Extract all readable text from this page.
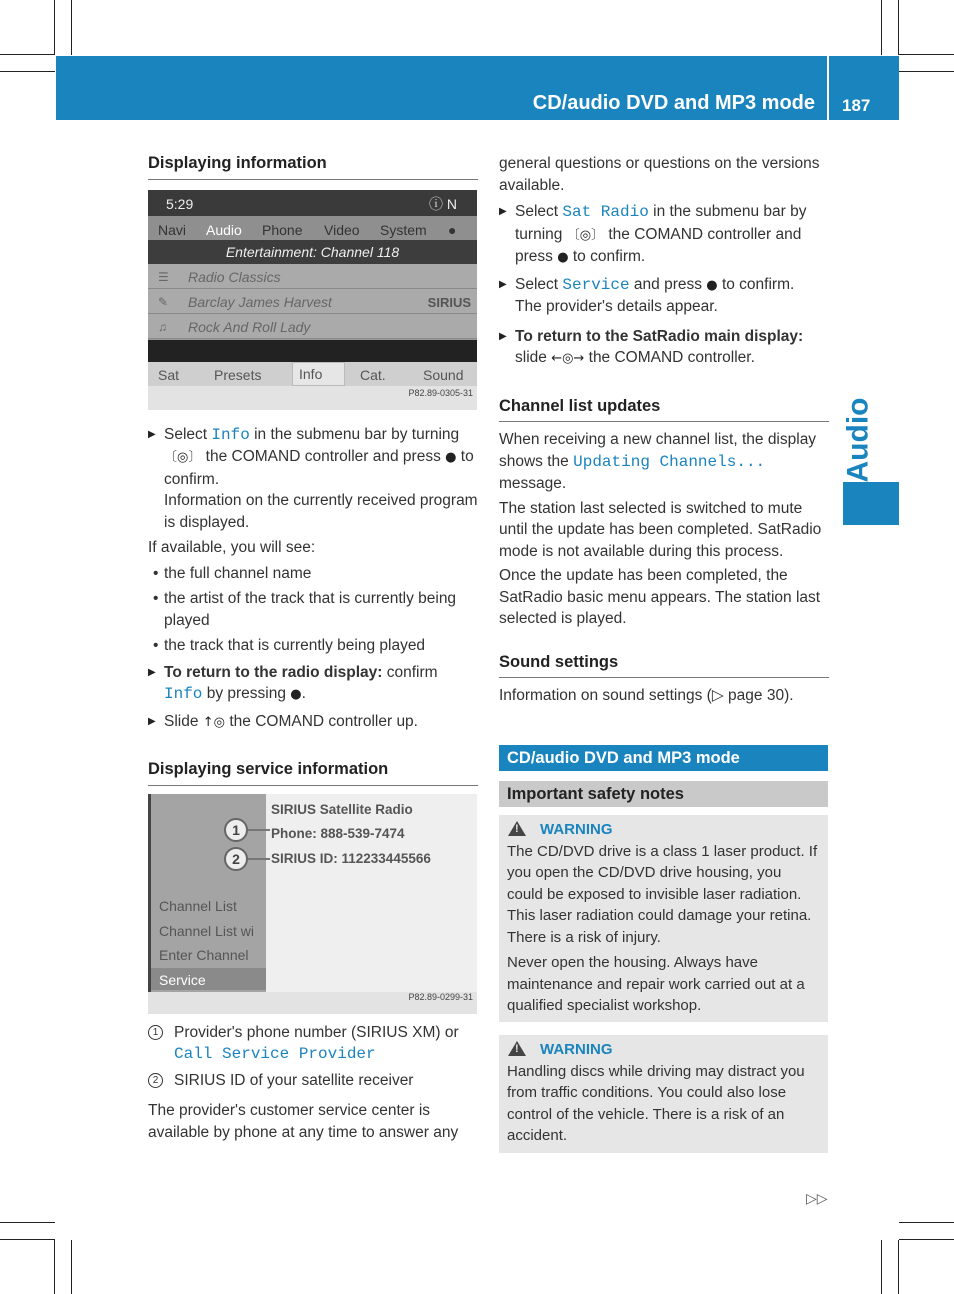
CD/audio DVD and MP3 mode 187
Audio
Displaying information
5:29	ⓘ N
Navi Audio Phone Video System ●
Entertainment: Channel 118
☰ Radio Classics
✎ Barclay James Harvest	SIRIUS
♫ Rock And Roll Lady
Sat Presets	Info	Cat.	Sound
P82.89-0305-31
▶ Select Info in the submenu bar by turning 〔◎〕 the COMAND controller and press ● to confirm.

Information on the currently received program is displayed.

If available, you will see:

• the full channel name
• the artist of the track that is currently being played
• the track that is currently being played
▶ To return to the radio display: confirm Info by pressing ●.
▶ Slide ↑◎ the COMAND controller up.
Displaying service information
Channel List
Channel List wi
Enter Channel
Service
SIRIUS Satellite Radio
Phone: 888-539-7474
SIRIUS ID: 112233445566
1
2
P82.89-0299-31
1	Provider's phone number (SIRIUS XM) or Call Service Provider
2	SIRIUS ID of your satellite receiver

The provider's customer service center is available by phone at any time to answer any

general questions or questions on the versions available.

▶ Select Sat Radio in the submenu bar by turning 〔◎〕 the COMAND controller and press ● to confirm.
▶ Select Service and press ● to confirm.

The provider's details appear.

▶ To return to the SatRadio main display: slide ←◎→ the COMAND controller.
Channel list updates

When receiving a new channel list, the display shows the Updating Channels... message.

The station last selected is switched to mute until the update has been completed. SatRadio mode is not available during this process.

Once the update has been completed, the SatRadio basic menu appears. The station last selected is played.

Sound settings

Information on sound settings (▷ page 30).

CD/audio DVD and MP3 mode
Important safety notes
!WARNING

The CD/DVD drive is a class 1 laser product. If you open the CD/DVD drive housing, you could be exposed to invisible laser radiation. This laser radiation could damage your retina. There is a risk of injury.

Never open the housing. Always have maintenance and repair work carried out at a qualified specialist workshop.

!WARNING

Handling discs while driving may distract you from traffic conditions. You could also lose control of the vehicle. There is a risk of an accident.

▷▷
